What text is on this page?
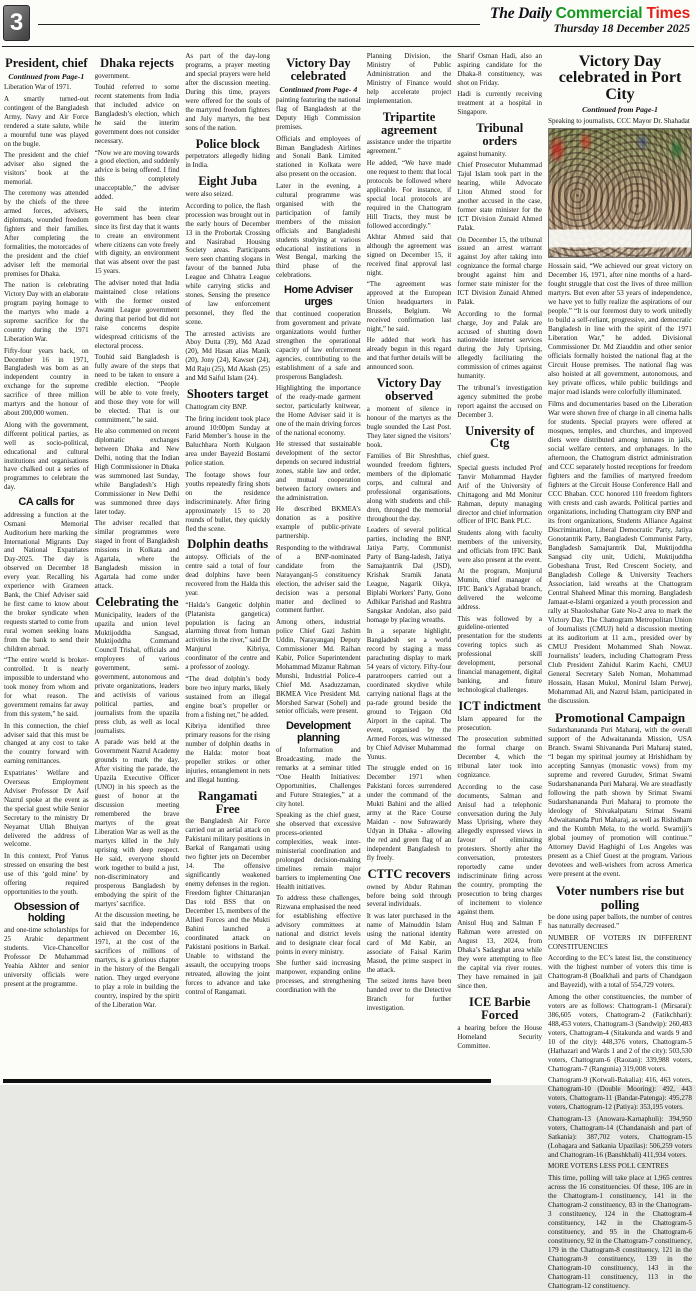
3	The Daily Commercial Times
Thursday 18 December 2025
President, chief
Continued from Page-1

Liberation War of 1971.

A smartly turned-out contingent of the Bangladesh Army, Navy and Air Force rendered a state salute, while a mournful tune was played on the bugle.

The president and the chief adviser also signed the visitors’ book at the memorial.

The ceremony was attended by the chiefs of the three armed forces, advisers, diplomats, wounded freedom fighters and their families. After completing the formalities, the motorcades of the president and the chief adviser left the memorial premises for Dhaka.

The nation is celebrating Victory Day with an elaborate program paying homage to the martyrs who made a supreme sacrifice for the country during the 1971 Liberation War.

Fifty-four years back, on December 16 in 1971, Bangladesh was born as an independent country in exchange for the supreme sacrifice of three million martyrs and the honour of about 200,000 women.

Along with the government, different political parties, as well as socio-political, educational and cultural institutions and organisations have chalked out a series of programmes to celebrate the day.

CA calls for

addressing a function at the Osmani Memorial Auditorium here marking the International Migrants Day and National Expatriates Day-2025. The day is observed on December 18 every year. Recalling his experience with Grameen Bank, the Chief Adviser said he first came to know about the broker syndicate when requests started to come from rural women seeking loans from the bank to send their children abroad.

“The entire world is broker-controlled. It is nearly impossible to understand who took money from whom and for what reason. The government remains far away from this system,” he said.

In this connection, the chief adviser said that this must be changed at any cost to take the country forward with earning remittances.

Expatriates’ Welfare and Overseas Employment Adviser Professor Dr Asif Nazrul spoke at the event as the special guest while Senior Secretary to the ministry Dr Neyamat Ullah Bhuiyan delivered the address of welcome.

In this context, Prof Yunus stressed on ensuring the best use of this ‘gold mine’ by offering required opportunities to the youth.

Obsession of holding

and one-time scholarships for 25 Arabic department students. Vice-Chancellor Professor Dr Muhammad Yeahia Akhter and senior university officials were present at the programme.

Dhaka rejects

government.

Touhid referred to some recent statements from India that included advice on Bangladesh’s election, which he said the interim government does not consider necessary.

“Now we are moving towards a good election, and suddenly advice is being offered. I find this completely unacceptable,” the adviser added.

He said the interim government has been clear since its first day that it wants to create an environment where citizens can vote freely with dignity, an environment that was absent over the past 15 years.

The adviser noted that India maintained close relations with the former ousted Awami League government during that period but did not raise concerns despite widespread criticisms of the electoral process.

Touhid said Bangladesh is fully aware of the steps that need to be taken to ensure a credible election. “People will be able to vote freely, and those they vote for will be elected. That is our commitment,” he said.

He also commented on recent diplomatic exchanges between Dhaka and New Delhi, noting that the Indian High Commissioner in Dhaka was summoned last Sunday, while Bangladesh’s High Commissioner in New Delhi was summoned three days later today.

The adviser recalled that similar programmes were staged in front of Bangladesh missions in Kolkata and Agartala, where the Bangladesh mission in Agartala had come under attack.

Celebrating the

Municipality, leaders of the upazila and union level Muktijoddha Sangsad, Muktijoddha Command Council Trishal, officials and employees of various government, semi-government, autonomous and private organizations, leaders and activists of various political parties, and journalists from the upazila press club, as well as local journalists.

A parade was held at the Government Nazrul Academy grounds to mark the day. After visiting the parade, the Upazila Executive Officer (UNO) in his speech as the guest of honor at the discussion meeting remembered the brave martyrs of the great Liberation War as well as the martyrs killed in the July uprising with deep respect. He said, everyone should work together to build a just, non-discriminatory and prosperous Bangladesh by embodying the spirit of the martyrs’ sacrifice.

At the discussion meeting, he said that the independence achieved on December 16, 1971, at the cost of the sacrifices of millions of martyrs, is a glorious chapter in the history of the Bengali nation. They urged everyone to play a role in building the country, inspired by the spirit of the Liberation War.

As part of the day-long programs, a prayer meeting and special prayers were held after the discussion meeting. During this time, prayers were offered for the souls of the martyred freedom fighters and July martyrs, the best sons of the nation.

Police block

perpetrators allegedly hiding in India.

Eight Juba

were also seized.

According to police, the flash procession was brought out in the early hours of December 13 in the Probortak Crossing and Nasirabad Housing Society areas. Participants were seen chanting slogans in favour of the banned Juba League and Chhatra League while carrying sticks and stones. Sensing the presence of law enforcement personnel, they fled the scene.

The arrested activists are Aboy Dutta (39), Md Azad (20), Md Hasan alias Manik (20), Jony (24), Kawser (24), Md Raju (25), Md Akash (25) and Md Saiful Islam (24).

Shooters target

Chattogram city BNP.

The firing incident took place around 10:00pm Sunday at Farid Member’s house in the Baluchhara North Kulgaon area under Bayezid Bostami police station.

The footage shows four youths repeatedly firing shots on the residence indiscriminately. After firing approximately 15 to 20 rounds of bullet, they quickly fled the scene.

Dolphin deaths

autopsy. Officials of the centre said a total of four dead dolphins have been recovered from the Halda this year.

“Halda’s Gangetic dolphin (Platanista gangetica) population is facing an alarming threat from human activities in the river,” said Dr Manjurul Kibriya, coordinator of the centre and a professor of zoology.

“The dead dolphin’s body bore two injury marks, likely sustained from an illegal engine boat’s propeller or from a fishing net,” he added.

Kibriya identified three primary reasons for the rising number of dolphin deaths in the Halda: motor boat propeller strikes or other injuries, entanglement in nets and illegal hunting.

Rangamati Free

the Bangladesh Air Force carried out an aerial attack on Pakistani military positions in Barkal of Rangamati using two fighter jets on December 14. The offensive significantly weakened enemy defenses in the region. Freedom fighter Chittaranjan Das told BSS that on December 15, members of the Allied Forces and the Mukti Bahini launched a coordinated attack on Pakistani positions in Barkal. Unable to withstand the assault, the occupying troops retreated, allowing the joint forces to advance and take control of Rangamati.

Victory Day celebrated
Continued from Page- 4

painting featuring the national flag of Bangladesh at the Deputy High Commission premises.

Officials and employees of Biman Bangladesh Airlines and Sonali Bank Limited stationed in Kolkata were also present on the occasion.

Later in the evening, a cultural programme was organised with the participation of family members of the mission officials and Bangladeshi students studying at various educational institutions in West Bengal, marking the third phase of the celebrations.

Home Adviser urges

that continued cooperation from government and private organizations would further strengthen the operational capacity of law enforcement agencies, contributing to the establishment of a safe and prosperous Bangladesh.

Highlighting the importance of the ready-made garment sector, particularly knitwear, the Home Adviser said it is one of the main driving forces of the national economy.

He stressed that sustainable development of the sector depends on secured industrial zones, stable law and order, and mutual cooperation between factory owners and the administration.

He described BKMEA’s donation as a positive example of public-private partnership.

Responding to the withdrawal of a BNP-nominated candidate from the Narayanganj-5 constituency election, the adviser said the decision was a personal matter and declined to comment further.

Among others, industrial police Chief Gazi Jashim Uddin, Narayanganj Deputy Commissioner Md. Raihan Kabir, Police Superintendent Mohammad Mizanur Rahman Munshi, Industrial Police-4 Chief Md. Asaduzzaman, BKMEA Vice President Md. Morshed Sarwar (Sohel) and senior officials, were present.

Development planning

of Information and Broadcasting, made the remarks at a seminar titled “One Health Initiatives: Opportunities, Challenges and Future Strategies,” at a city hotel.

Speaking as the chief guest, she observed that excessive process-oriented complexities, weak inter-ministerial coordination and prolonged decision-making timelines remain major barriers to implementing One Health initiatives.

To address these challenges, Rizwana emphasised the need for establishing effective advisory committees at national and district levels and to designate clear focal points in every ministry.

She further said increasing manpower, expanding online processes, and strengthening coordination with the

Planning Division, the Ministry of Public Administration and the Ministry of Finance would help accelerate project implementation.

Tripartite agreement

assistance under the tripartite agreement.”

He added, “We have made one request to them: that local protocols be followed where applicable. For instance, if special local protocols are required in the Chattogram Hill Tracts, they must be followed accordingly.”

Akhtar Ahmed said that although the agreement was signed on December 15, it received final approval last night.

“The agreement was approved at the European Union headquarters in Brussels, Belgium. We received confirmation last night,” he said.

He added that work has already begun in this regard and that further details will be announced soon.

Victory Day observed

a moment of silence in honour of the martyrs as the bugle sounded the Last Post. They later signed the visitors’ book.

Families of Bir Shreshthas, wounded freedom fighters, members of the diplomatic corps, and cultural and professional organisations, along with students and chil-dren, thronged the memorial throughout the day.

Leaders of several political parties, including the BNP, Jatiya Party, Communist Party of Bang-ladesh, Jatiya Samajtantrik Dal (JSD), Krishak Sramik Janata League, Nagarik Oikya, Biplabi Workers’ Party, Gono Adhikar Parishad and Rashtra Sangskar Andolan, also paid homage by placing wreaths.

In a separate highlight, Bangladesh set a world record by staging a mass parachuting display to mark 54 years of victory. Fifty-four paratroopers carried out a coordinated skydive while carrying national flags at the pa-rade ground beside the ground to Tejgaon Old Airport in the capital. The event, organised by the Armed Forces, was witnessed by Chief Adviser Muhammad Yunus.

The struggle ended on 16 December 1971 when Pakistani forces surrendered under the command of the Mukti Bahini and the allied army at the Race Course Maidan - now Suhrawardy Udyan in Dhaka - allowing the red and green flag of an independent Bangladesh to fly freely.

CTTC recovers

owned by Abdur Rahman before being sold through several individuals.

It was later purchased in the name of Mainuddin Islam using the national identity card of Md Kabir, an associate of Faisal Karim Masud, the prime suspect in the attack.

The seized items have been handed over to the Detective Branch for further investigation.

Sharif Osman Hadi, also an aspiring candidate for the Dhaka-8 constituency, was shot on Friday.

Hadi is currently receiving treatment at a hospital in Singapore.

Tribunal orders

against humanity.

Chief Prosecutor Muhammad Tajul Islam took part in the hearing, while Advocate Liton Ahmed stood for another accused in the case, former state minister for the ICT Division Zunaid Ahmed Palak.

On December 15, the tribunal issued an arrest warrant against Joy after taking into cognizance the formal charge brought against him and former state minister for the ICT Division Zunaid Ahmed Palak.

According to the formal charge, Joy and Palak are accused of shutting down nationwide internet services during the July Uprising, allegedly facilitating the commission of crimes against humanity.

The tribunal’s investigation agency submitted the probe report against the accused on December 3.

University of Ctg

chief guest.

Special guests included Prof Tanvir Mohammad Hayder Arif of the University of Chittagong and Md Monitur Rahman, deputy managing director and chief information officer of IFIC Bank PLC.

Students along with faculty members of the university, and officials from IFIC Bank were also present at the event.

At the program, Monjurul Mumin, chief manager of IFIC Bank’s Agrabad branch, delivered the welcome address.

This was followed by a guideline-oriented presentation for the students covering topics such as professional skill development, personal financial management, digital banking, and future technological challenges.

ICT indictment

Islam appeared for the prosecution.

The prosecution submitted the formal charge on December 4, which the tribunal later took into cognizance.

According to the case documents, Salman and Anisul had a telephonic conversation during the July Mass Uprising, where they allegedly expressed views in favour of eliminating protesters. Shortly after the conversation, protesters reportedly came under indiscriminate firing across the country, prompting the prosecution to bring charges of incitement to violence against them.

Anisul Huq and Salman F Rahman were arrested on August 13, 2024, from Dhaka’s Sadarghat area while they were attempting to flee the capital via river routes. They have remained in jail since then.

ICE Barbie Forced

a hearing before the House Homeland Security Committee.

Victory Day celebrated in Port City
Continued from Page-1

Speaking to journalists, CCC Mayor Dr. Shahadat

Hossain said, “We achieved our great victory on December 16, 1971, after nine months of a hard-fought struggle that cost the lives of three million martyrs. But even after 53 years of independence, we have yet to fully realize the aspirations of our people.” “It is our foremost duty to work unitedly to build a self-reliant, progressive, and democratic Bangladesh in line with the spirit of the 1971 Liberation War,” he added. Divisional Commissioner Dr. Md Ziauddin and other senior officials formally hoisted the national flag at the Circuit House premises. The national flag was also hoisted at all government, autonomous, and key private offices, while public buildings and major road islands were colorfully illuminated.

Films and documentaries based on the Liberation War were shown free of charge in all cinema halls for students. Special prayers were offered at mosques, temples, and churches, and improved diets were distributed among inmates in jails, social welfare centers, and orphanages. In the afternoon, the Chattogram district administration and CCC separately hosted receptions for freedom fighters and the families of martyred freedom fighters at the Circuit House Conference Hall and CCC Bhaban. CCC honored 110 freedom fighters with crests and cash awards. Political parties and organizations, including Chattogram city BNP and its front organizations, Students Alliance Against Discrimination, Liberal Democratic Party, Jatiya Gonotantrik Party, Bangladesh Communist Party, Bangladesh Samajtantrik Dal, Muktijoddha Sangsad city unit, Udichi, Muktijuddha Gobeshana Trust, Red Crescent Society, and Bangladesh College & University Teachers Association, laid wreaths at the Chattogram Central Shaheed Minar this morning. Bangladesh Jamaat-e-Islami organized a youth procession and rally at Shaoloshahar Gate No-2 area to mark the Victory Day. The Chattogram Metropolitan Union of Journalists (CMUJ) held a discussion meeting at its auditorium at 11 a.m., presided over by CMUJ President Mohammed Shah Nowaz. Journalists’ leaders, including Chattogram Press Club President Zahidul Karim Kachi, CMUJ General Secretary Saleh Noman, Mohammad Hossain, Hasan Mukul, Monirul Islam Perwej, Mohammad Ali, and Nazrul Islam, participated in the discussion.

Promotional Campaign

Sudarshanananda Puri Maharaj, with the overall support of the Adwaitananda Mission, USA Branch. Swami Shivananda Puri Maharaj stated, “I began my spiritual journey at Hrishidham by accepting Sannyas (monastic vows) from my supreme and revered Gurudev, Srimat Swami Sudarshanananda Puri Maharaj. We are steadfastly following the path shown by Srimat Swami Sudarshanananda Puri Maharaj to promote the ideology of Shivakalpataru Srimat Swami Adwaitananda Puri Maharaj, as well as Rishidham and the Kumbh Mela, to the world. Swamiji’s global journey of promotion will continue.” Attorney David Haghighi of Los Angeles was present as a Chief Guest at the program. Various devotees and well-wishers from across America were present at the event.

Voter numbers rise but polling

be done using paper ballots, the number of centres has naturally decreased.”

NUMBER OF VOTERS IN DIFFERENT CONSTITUENCIES

According to the EC’s latest list, the constituency with the highest number of voters this time is Chattogram-8 (Boalkhali and parts of Chandgaon and Bayezid), with a total of 554,729 voters.

Among the other constituencies, the number of voters are as follows: Chattogram-1 (Mirsarai): 386,605 voters, Chattogram-2 (Fatikchhari): 488,453 voters, Chattogram-3 (Sandwip): 260,483 voters, Chattogram-4 (Sitakunda and wards 9 and 10 of the city): 448,376 voters, Chattogram-5 (Hathazari and Wards 1 and 2 of the city): 503,530 voters, Chattogram-6 (Raozan): 339,988 voters, Chattogram-7 (Rangunia) 319,008 voters.

Chattogram-9 (Kotwali-Bakalia): 416, 463 voters, Chattogram-10 (Double Mooring): 492, 443 voters, Chattogram-11 (Bandar-Patenga): 495,278 voters, Chattogram-12 (Patiya): 353,195 voters.

Chattogram-13 (Anowara-Karnaphuli): 394,950 voters, Chattogram-14 (Chandanaish and part of Satkania): 387,702 voters, Chattogram-15 (Lohagara and Satkania Upazilas): 506,259 voters and Chattogram-16 (Banshkhali) 411,934 voters.

MORE VOTERS LESS POLL CENTRES

This time, polling will take place at 1,965 centres across the 16 constituencies. Of these, 106 are in the Chattogram-1 constituency, 141 in the Chattogram-2 constituency, 83 in the Chattogram-3 constituency, 124 in the Chattogram-4 constituency, 142 in the Chattogram-5 constituency, and 95 in the Chattogram-6 constituency, 92 in the Chattogram-7 constituency, 179 in the Chattogram-8 constituency, 121 in the Chattogram-9 constituency, 139 in the Chattogram-10 constituency, 143 in the Chattogram-11 constituency, 113 in the Chattogram-12 constituency.
